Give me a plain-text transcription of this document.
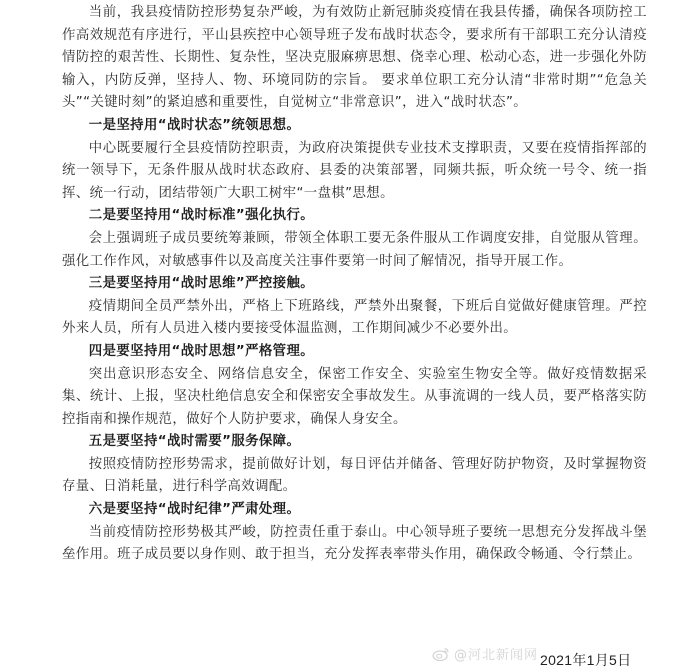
当前，我县疫情防控形势复杂严峻，为有效防止新冠肺炎疫情在我县传播，确保各项防控工作高效规范有序进行，平山县疾控中心领导班子发布战时状态令，要求所有干部职工充分认清疫情防控的艰苦性、长期性、复杂性，坚决克服麻痹思想、侥幸心理、松动心态，进一步强化外防输入，内防反弹，坚持人、物、环境同防的宗旨。 要求单位职工充分认清“非常时期”“危急关头”“关键时刻”的紧迫感和重要性，自觉树立“非常意识”，进入“战时状态”。

一是坚持用“战时状态”统领思想。

中心既要履行全县疫情防控职责，为政府决策提供专业技术支撑职责，又要在疫情指挥部的统一领导下，无条件服从战时状态政府、县委的决策部署，同频共振，听众统一号令、统一指挥、统一行动，团结带领广大职工树牢“一盘棋”思想。

二是要坚持用“战时标准”强化执行。

会上强调班子成员要统筹兼顾，带领全体职工要无条件服从工作调度安排，自觉服从管理。强化工作作风，对敏感事件以及高度关注事件要第一时间了解情况，指导开展工作。

三是要坚持用“战时思维”严控接触。

疫情期间全员严禁外出，严格上下班路线，严禁外出聚餐，下班后自觉做好健康管理。严控外来人员，所有人员进入楼内要接受体温监测，工作期间减少不必要外出。

四是要坚持用“战时思想”严格管理。

突出意识形态安全、网络信息安全，保密工作安全、实验室生物安全等。做好疫情数据采集、统计、上报，坚决杜绝信息安全和保密安全事故发生。从事流调的一线人员，要严格落实防控指南和操作规范，做好个人防护要求，确保人身安全。

五是要坚持“战时需要”服务保障。

按照疫情防控形势需求，提前做好计划，每日评估并储备、管理好防护物资，及时掌握物资存量、日消耗量，进行科学高效调配。

六是要坚持“战时纪律”严肃处理。

当前疫情防控形势极其严峻，防控责任重于泰山。中心领导班子要统一思想充分发挥战斗堡垒作用。班子成员要以身作则、敢于担当，充分发挥表率带头作用，确保政令畅通、令行禁止。

@河北新闻网 2021年1月5日
